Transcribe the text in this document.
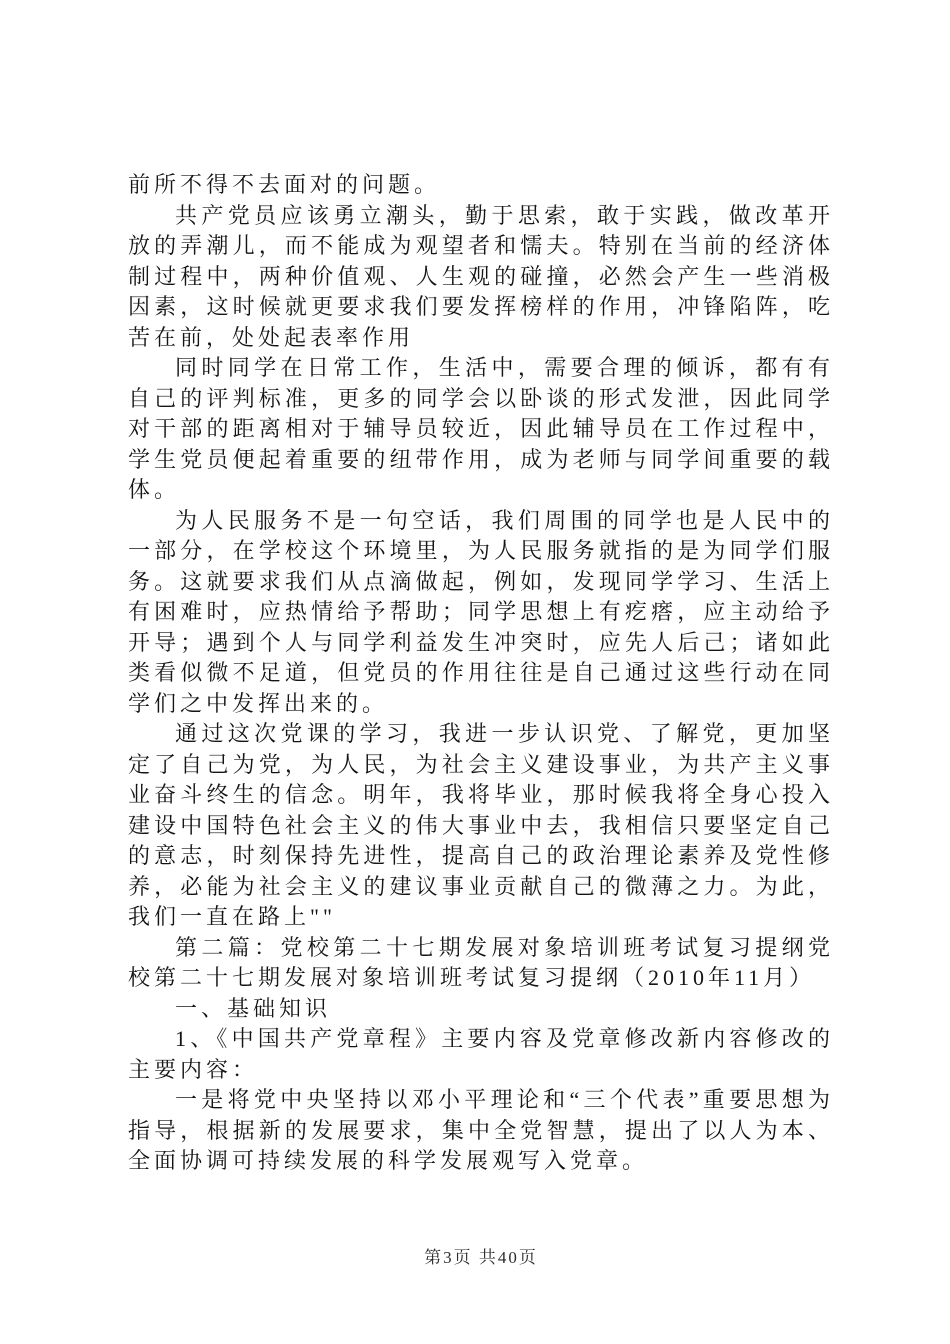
前所不得不去面对的问题。

共产党员应该勇立潮头，勤于思索，敢于实践，做改革开放的弄潮儿，而不能成为观望者和懦夫。特别在当前的经济体制过程中，两种价值观、人生观的碰撞，必然会产生一些消极因素，这时候就更要求我们要发挥榜样的作用，冲锋陷阵，吃苦在前，处处起表率作用

同时同学在日常工作，生活中，需要合理的倾诉，都有有自己的评判标准，更多的同学会以卧谈的形式发泄，因此同学对干部的距离相对于辅导员较近，因此辅导员在工作过程中，学生党员便起着重要的纽带作用，成为老师与同学间重要的载体。

为人民服务不是一句空话，我们周围的同学也是人民中的一部分，在学校这个环境里，为人民服务就指的是为同学们服务。这就要求我们从点滴做起，例如，发现同学学习、生活上有困难时，应热情给予帮助；同学思想上有疙瘩，应主动给予开导；遇到个人与同学利益发生冲突时，应先人后己；诸如此类看似微不足道，但党员的作用往往是自己通过这些行动在同学们之中发挥出来的。

通过这次党课的学习，我进一步认识党、了解党，更加坚定了自己为党，为人民，为社会主义建设事业，为共产主义事业奋斗终生的信念。明年，我将毕业，那时候我将全身心投入建设中国特色社会主义的伟大事业中去，我相信只要坚定自己的意志，时刻保持先进性，提高自己的政治理论素养及党性修养，必能为社会主义的建议事业贡献自己的微薄之力。为此，我们一直在路上""

第二篇：党校第二十七期发展对象培训班考试复习提纲党校第二十七期发展对象培训班考试复习提纲（2010年11月）

一、基础知识

1、《中国共产党章程》主要内容及党章修改新内容修改的主要内容：

一是将党中央坚持以邓小平理论和“三个代表”重要思想为指导，根据新的发展要求，集中全党智慧，提出了以人为本、全面协调可持续发展的科学发展观写入党章。

第3页 共40页
